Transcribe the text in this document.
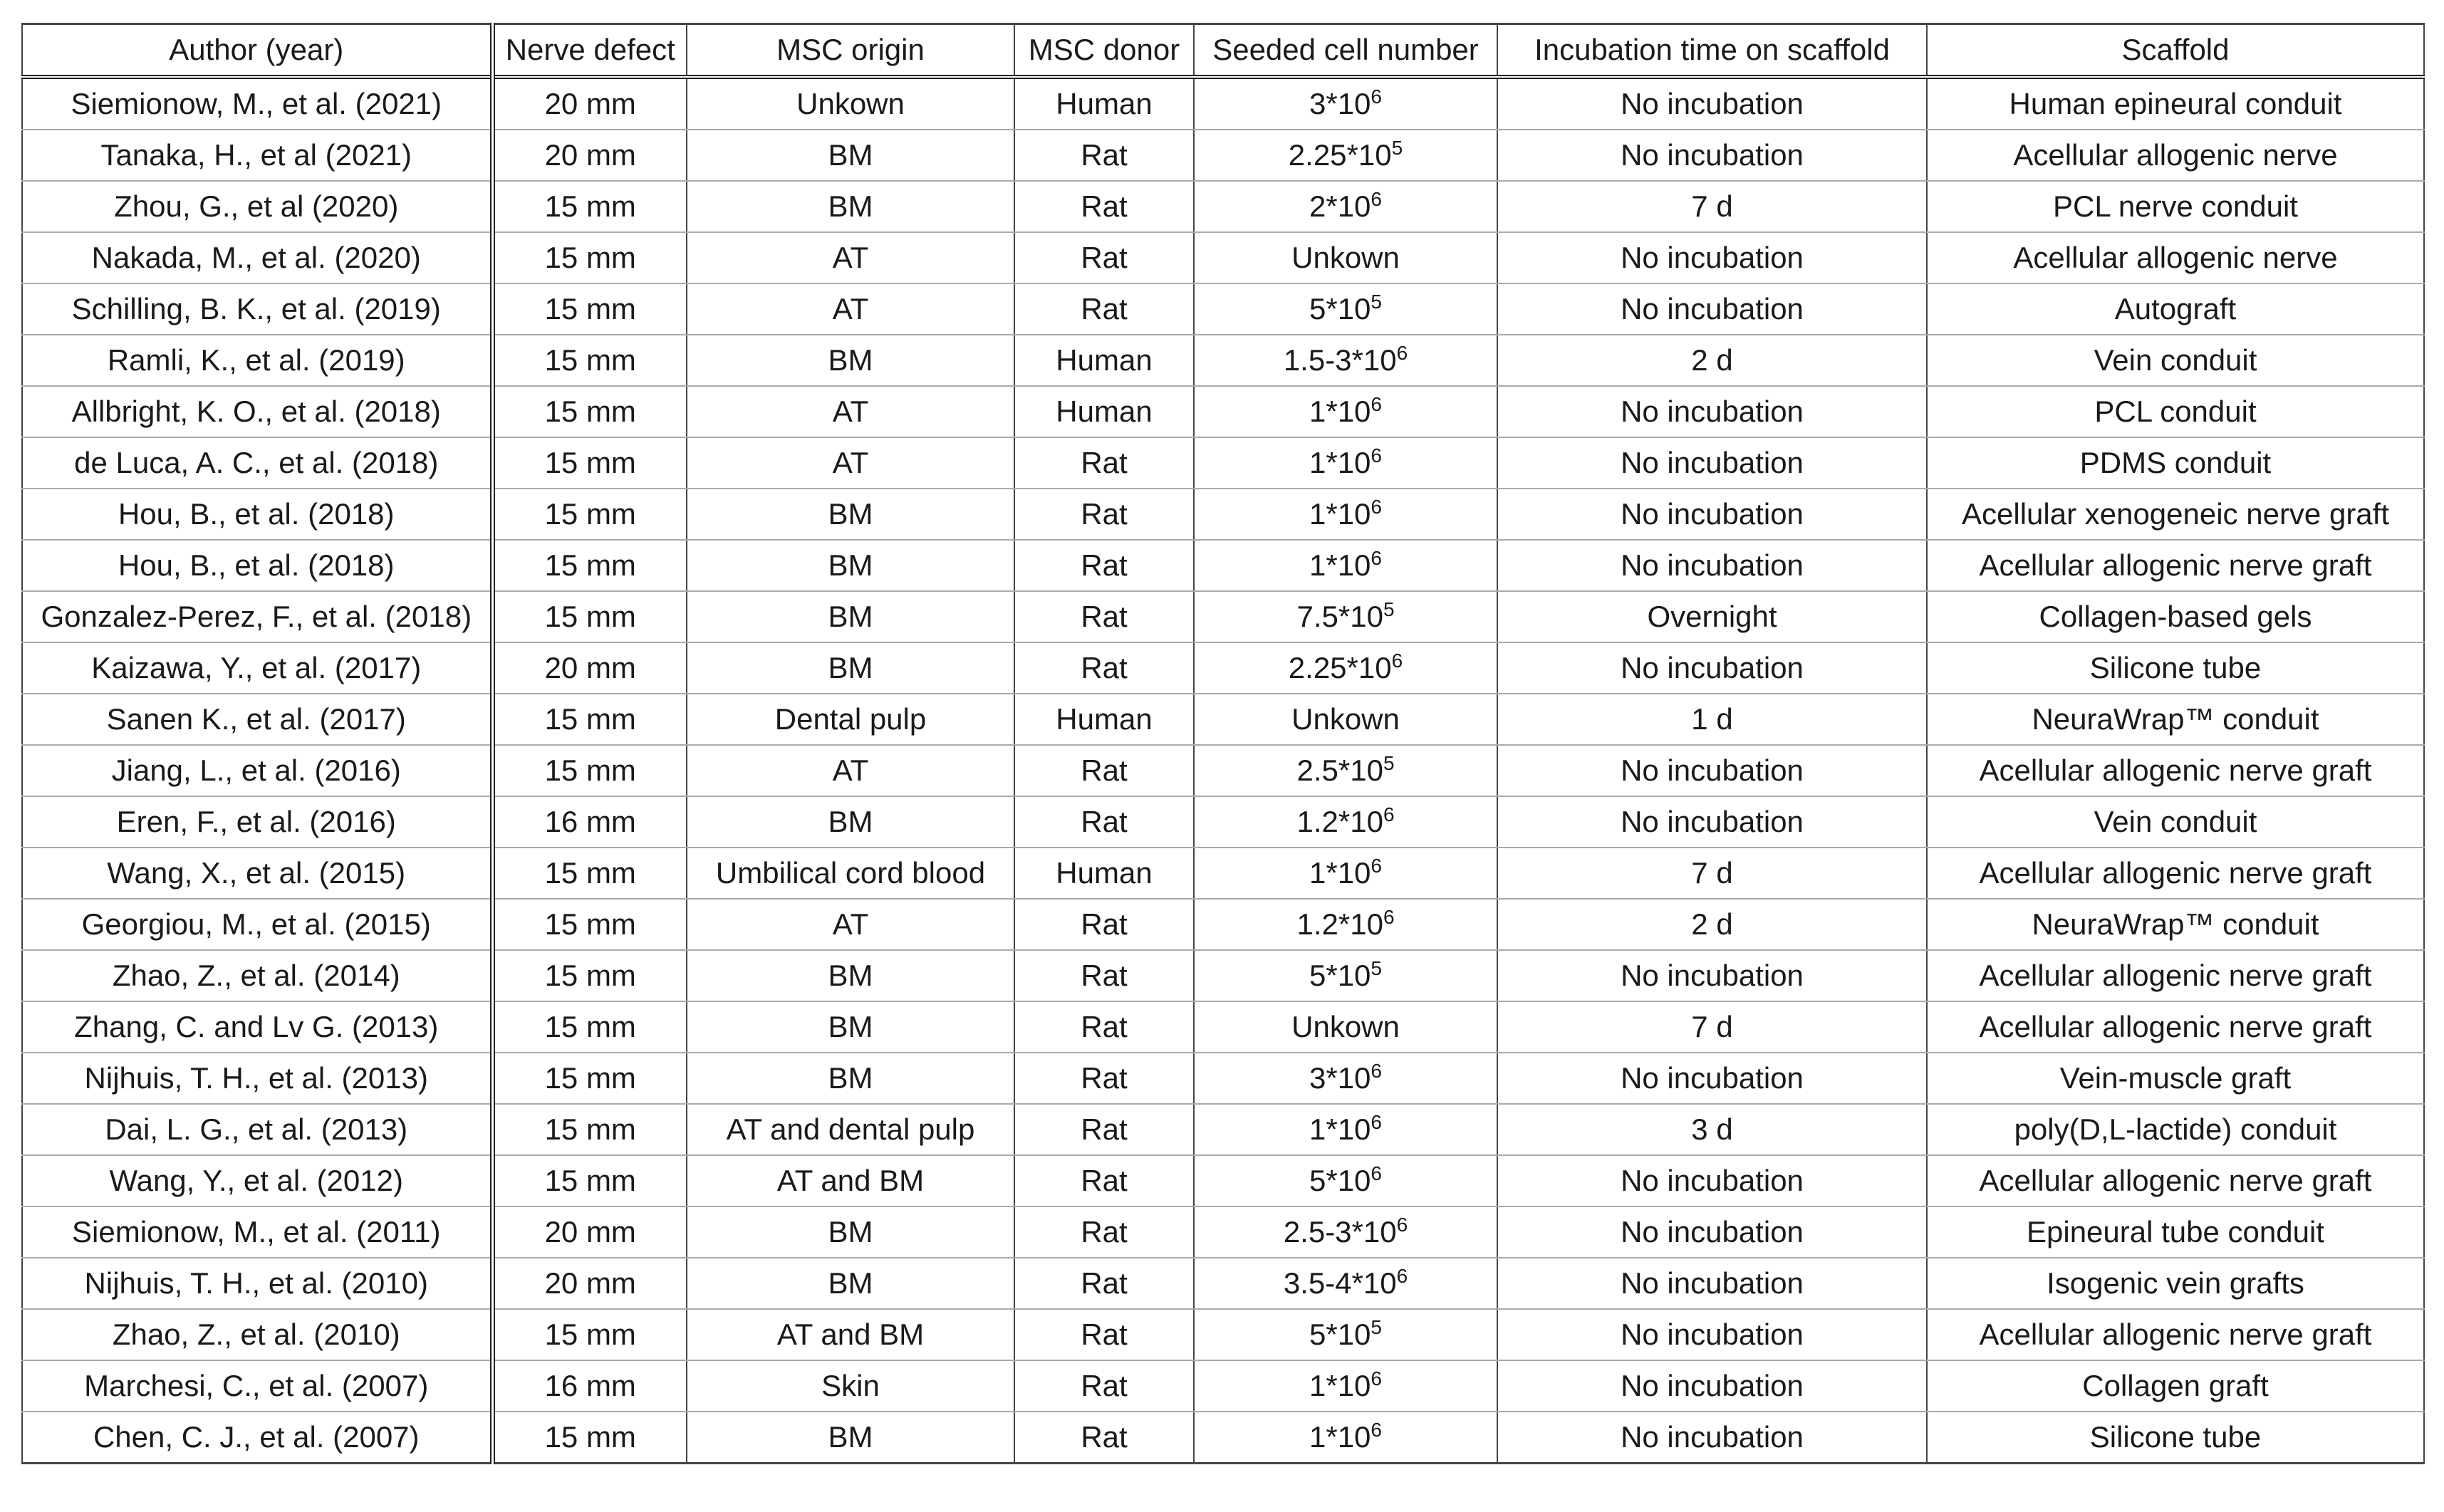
Author (year)	Nerve defect	MSC origin	MSC donor	Seeded cell number	Incubation time on scaffold	Scaffold
Siemionow, M., et al. (2021)	20 mm	Unkown	Human	$3*10^6$	No incubation	Human epineural conduit
Tanaka, H., et al (2021)	20 mm	BM	Rat	$2.25*10^5$	No incubation	Acellular allogenic nerve
Zhou, G., et al (2020)	15 mm	BM	Rat	$2*10^6$	7 d	PCL nerve conduit
Nakada, M., et al. (2020)	15 mm	AT	Rat	Unkown	No incubation	Acellular allogenic nerve
Schilling, B. K., et al. (2019)	15 mm	AT	Rat	$5*10^5$	No incubation	Autograft
Ramli, K., et al. (2019)	15 mm	BM	Human	$1.5-3*10^6$	2 d	Vein conduit
Allbright, K. O., et al. (2018)	15 mm	AT	Human	$1*10^6$	No incubation	PCL conduit
de Luca, A. C., et al. (2018)	15 mm	AT	Rat	$1*10^6$	No incubation	PDMS conduit
Hou, B., et al. (2018)	15 mm	BM	Rat	$1*10^6$	No incubation	Acellular xenogeneic nerve graft
Hou, B., et al. (2018)	15 mm	BM	Rat	$1*10^6$	No incubation	Acellular allogenic nerve graft
Gonzalez-Perez, F., et al. (2018)	15 mm	BM	Rat	$7.5*10^5$	Overnight	Collagen-based gels
Kaizawa, Y., et al. (2017)	20 mm	BM	Rat	$2.25*10^6$	No incubation	Silicone tube
Sanen K., et al. (2017)	15 mm	Dental pulp	Human	Unkown	1 d	NeuraWrap™ conduit
Jiang, L., et al. (2016)	15 mm	AT	Rat	$2.5*10^5$	No incubation	Acellular allogenic nerve graft
Eren, F., et al. (2016)	16 mm	BM	Rat	$1.2*10^6$	No incubation	Vein conduit
Wang, X., et al. (2015)	15 mm	Umbilical cord blood	Human	$1*10^6$	7 d	Acellular allogenic nerve graft
Georgiou, M., et al. (2015)	15 mm	AT	Rat	$1.2*10^6$	2 d	NeuraWrap™ conduit
Zhao, Z., et al. (2014)	15 mm	BM	Rat	$5*10^5$	No incubation	Acellular allogenic nerve graft
Zhang, C. and Lv G. (2013)	15 mm	BM	Rat	Unkown	7 d	Acellular allogenic nerve graft
Nijhuis, T. H., et al. (2013)	15 mm	BM	Rat	$3*10^6$	No incubation	Vein-muscle graft
Dai, L. G., et al. (2013)	15 mm	AT and dental pulp	Rat	$1*10^6$	3 d	poly(D,L-lactide) conduit
Wang, Y., et al. (2012)	15 mm	AT and BM	Rat	$5*10^6$	No incubation	Acellular allogenic nerve graft
Siemionow, M., et al. (2011)	20 mm	BM	Rat	$2.5-3*10^6$	No incubation	Epineural tube conduit
Nijhuis, T. H., et al. (2010)	20 mm	BM	Rat	$3.5-4*10^6$	No incubation	Isogenic vein grafts
Zhao, Z., et al. (2010)	15 mm	AT and BM	Rat	$5*10^5$	No incubation	Acellular allogenic nerve graft
Marchesi, C., et al. (2007)	16 mm	Skin	Rat	$1*10^6$	No incubation	Collagen graft
Chen, C. J., et al. (2007)	15 mm	BM	Rat	$1*10^6$	No incubation	Silicone tube
